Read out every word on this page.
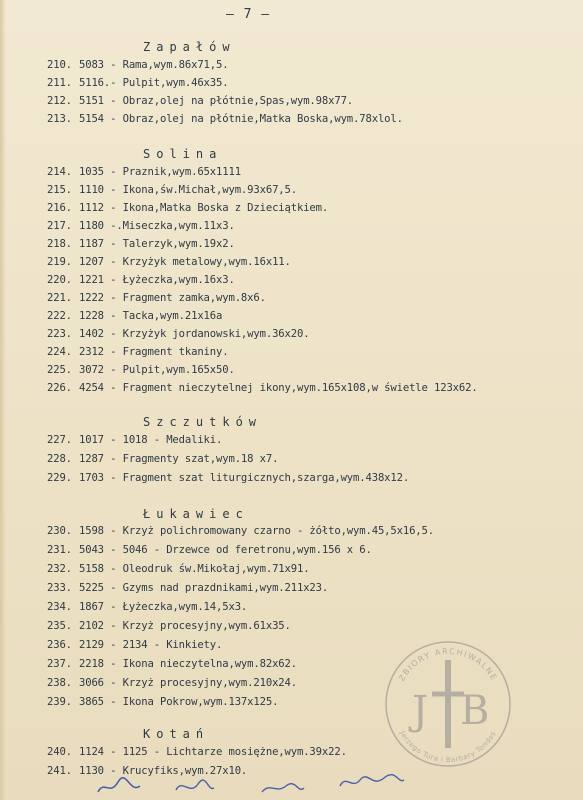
— 7 —
Zapałów
210. 5083 - Rama,wym.86x71,5.
211. 5116.- Pulpit,wym.46x35.
212. 5151 - Obraz,olej na płótnie,Spas,wym.98x77.
213. 5154 - Obraz,olej na płótnie,Matka Boska,wym.78xlol.
Solina
214. 1035 - Praznik,wym.65x1111
215. 1110 - Ikona,św.Michał,wym.93x67,5.
216. 1112 - Ikona,Matka Boska z Dzieciątkiem.
217. 1180 -.Miseczka,wym.11x3.
218. 1187 - Talerzyk,wym.19x2.
219. 1207 - Krzyżyk metalowy,wym.16x11.
220. 1221 - Łyżeczka,wym.16x3.
221. 1222 - Fragment zamka,wym.8x6.
222. 1228 - Tacka,wym.21x16a
223. 1402 - Krzyżyk jordanowski,wym.36x20.
224. 2312 - Fragment tkaniny.
225. 3072 - Pulpit,wym.165x50.
226. 4254 - Fragment nieczytelnej ikony,wym.165x108,w świetle 123x62.
Szczutków
227. 1017 - 1018 - Medaliki.
228. 1287 - Fragmenty szat,wym.18 x7.
229. 1703 - Fragment szat liturgicznych,szarga,wym.438x12.
Łukawiec
230. 1598 - Krzyż polichromowany czarno - żółto,wym.45,5x16,5.
231. 5043 - 5046 - Drzewce od feretronu,wym.156 x 6.
232. 5158 - Oleodruk św.Mikołaj,wym.71x91.
233. 5225 - Gzyms nad prazdnikami,wym.211x23.
234. 1867 - Łyżeczka,wym.14,5x3.
235. 2102 - Krzyż procesyjny,wym.61x35.
236. 2129 - 2134 - Kinkiety.
237. 2218 - Ikona nieczytelna,wym.82x62.
238. 3066 - Krzyż procesyjny,wym.210x24.
239. 3865 - Ikona Pokrow,wym.137x125.
Kotań
240. 1124 - 1125 - Lichtarze mosiężne,wym.39x22.
241. 1130 - Krucyfiks,wym.27x10.
ZBIORY ARCHIWALNE
Jerzego Tura i Barbary Tondos
J B
